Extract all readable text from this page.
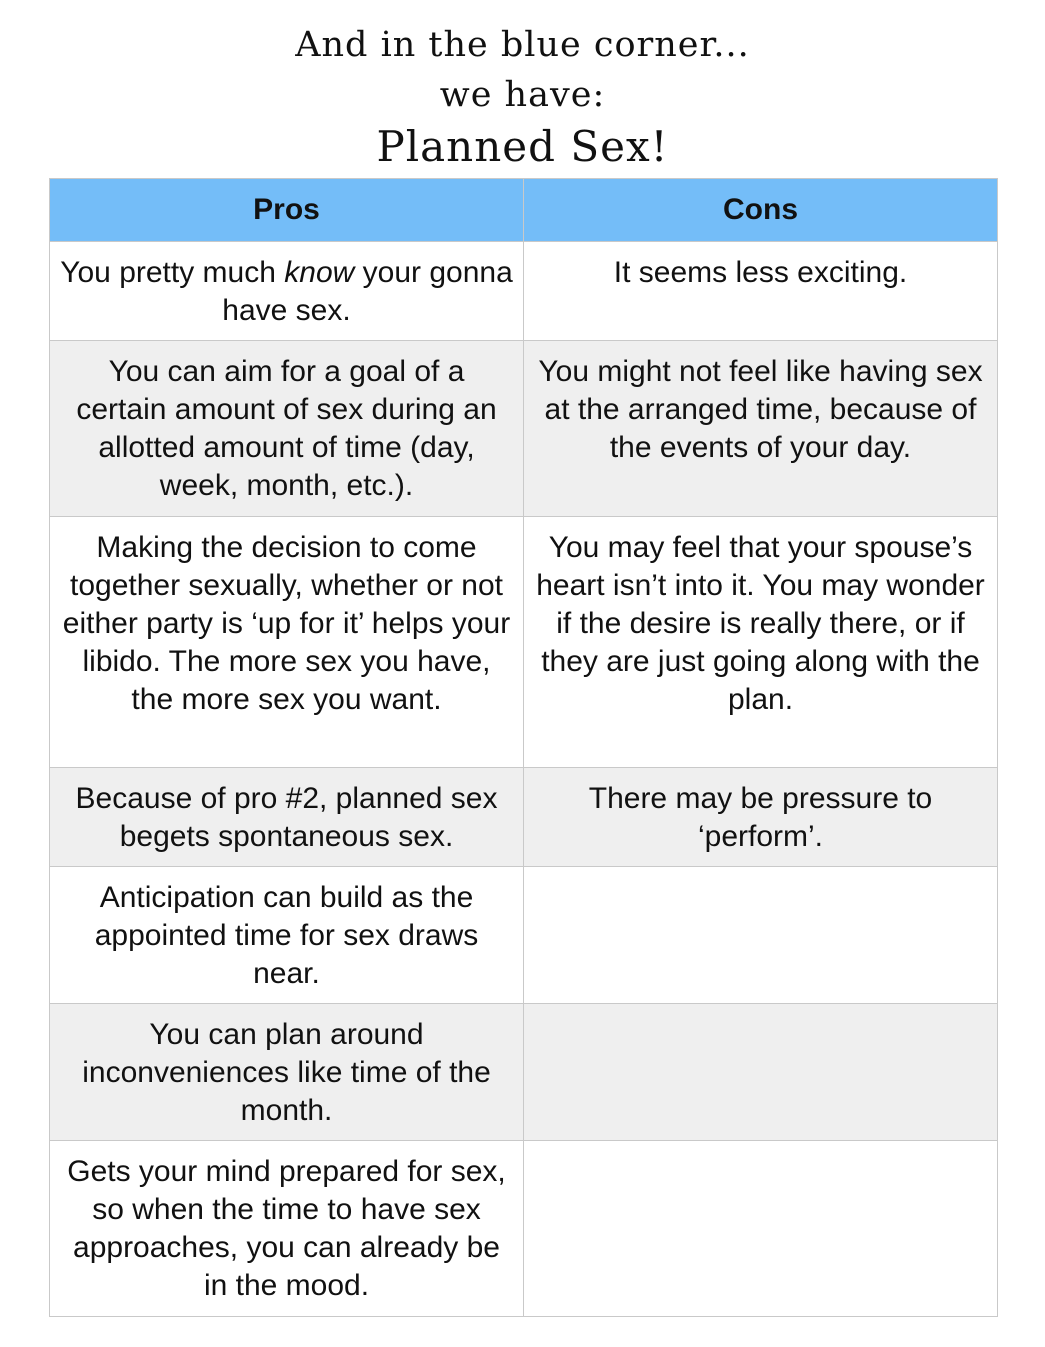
And in the blue corner...
we have:
Planned Sex!
Pros	Cons
You pretty much know your gonna have sex.	It seems less exciting.
You can aim for a goal of a certain amount of sex during an allotted amount of time (day, week, month, etc.).	You might not feel like having sex at the arranged time, because of the events of your day.
Making the decision to come together sexually, whether or not either party is ‘up for it’ helps your libido. The more sex you have, the more sex you want.	You may feel that your spouse’s heart isn’t into it. You may wonder if the desire is really there, or if they are just going along with the plan.
Because of pro #2, planned sex begets spontaneous sex.	There may be pressure to ‘perform’.
Anticipation can build as the appointed time for sex draws near.	
You can plan around inconveniences like time of the month.	
Gets your mind prepared for sex, so when the time to have sex approaches, you can already be in the mood.	
